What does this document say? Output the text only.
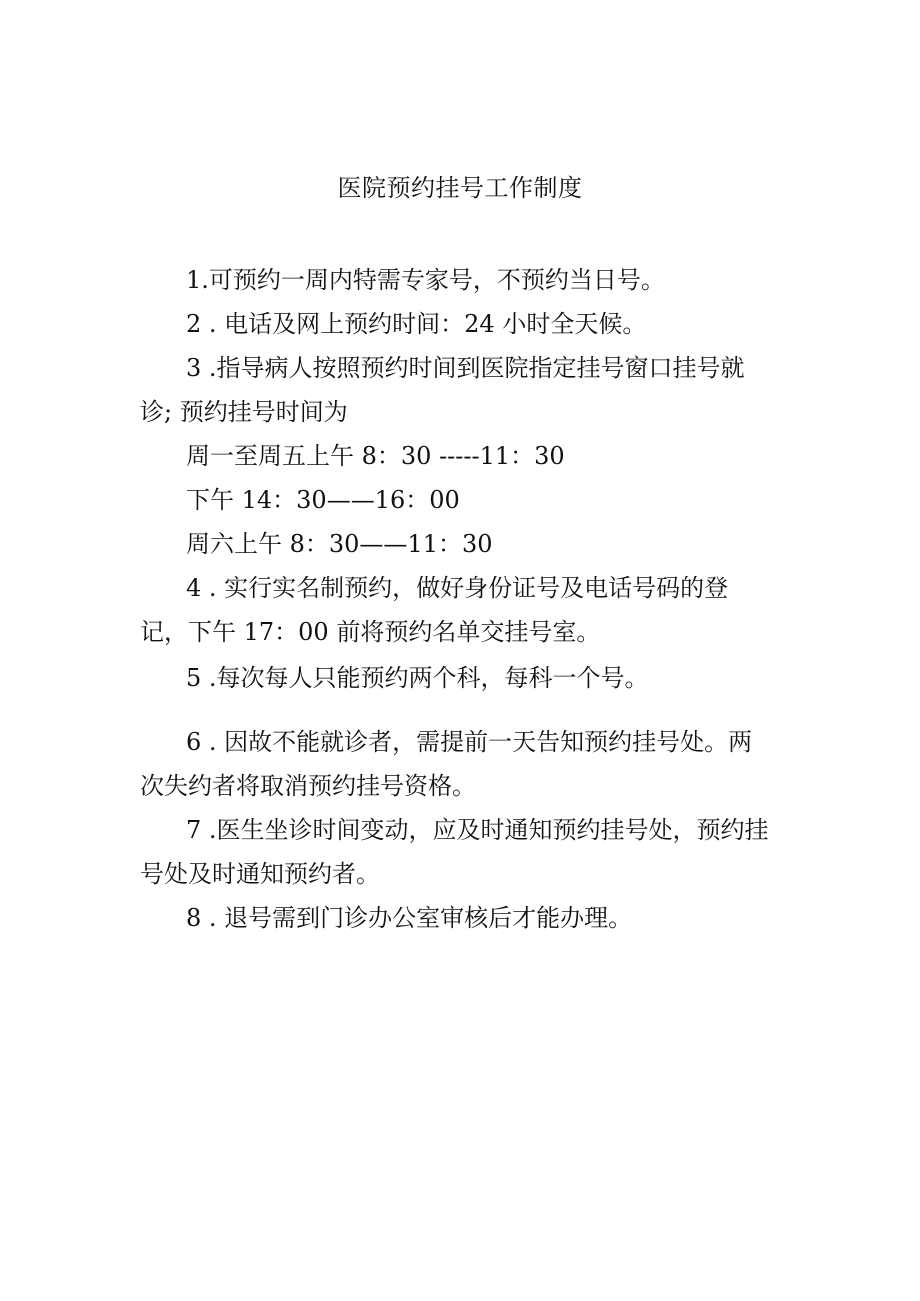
医院预约挂号工作制度
1.可预约一周内特需专家号，不预约当日号。
2 . 电话及网上预约时间：24 小时全天候。
3 .指导病人按照预约时间到医院指定挂号窗口挂号就
诊; 预约挂号时间为
周一至周五上午 8：30 -----11：30
下午 14：30——16：00
周六上午 8：30——11：30
4 . 实行实名制预约，做好身份证号及电话号码的登
记，下午 17：00 前将预约名单交挂号室。
5 .每次每人只能预约两个科，每科一个号。
6 . 因故不能就诊者，需提前一天告知预约挂号处。两
次失约者将取消预约挂号资格。
7 .医生坐诊时间变动，应及时通知预约挂号处，预约挂
号处及时通知预约者。
8 . 退号需到门诊办公室审核后才能办理。
